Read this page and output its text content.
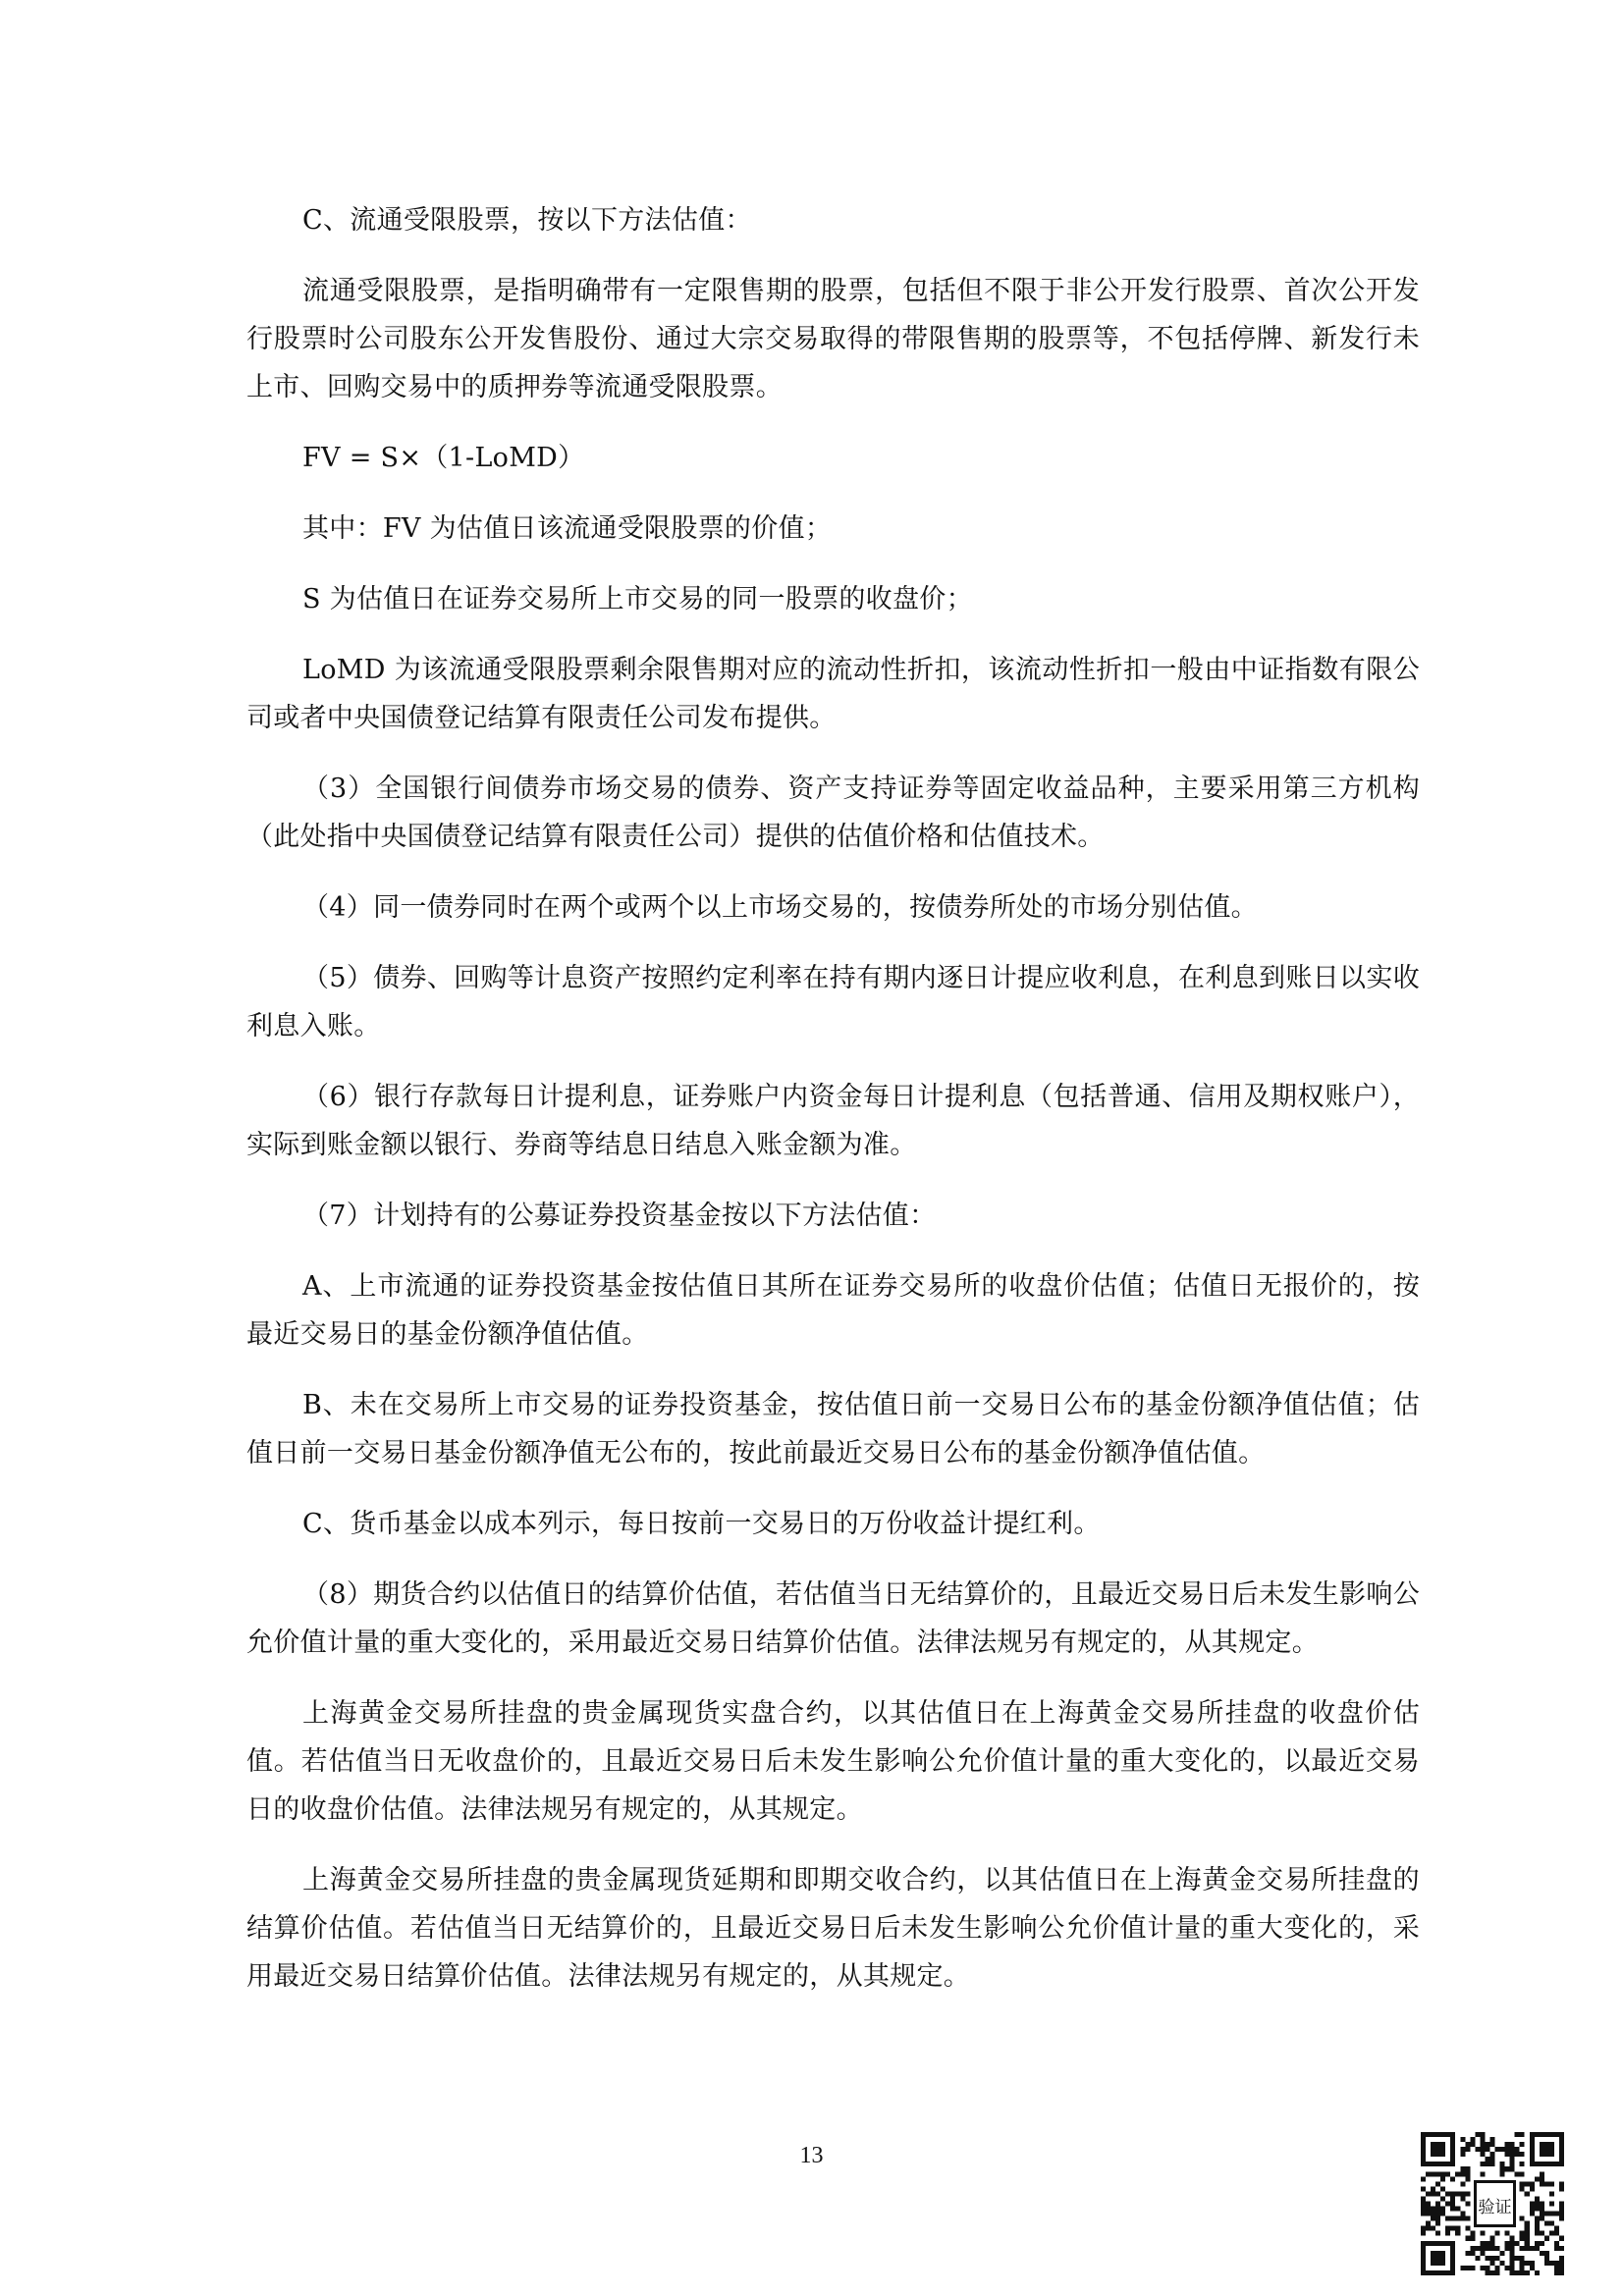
C、流通受限股票，按以下方法估值：

流通受限股票，是指明确带有一定限售期的股票，包括但不限于非公开发行股票、首次公开发行股票时公司股东公开发售股份、通过大宗交易取得的带限售期的股票等，不包括停牌、新发行未上市、回购交易中的质押券等流通受限股票。

FV = S×（1-LoMD）

其中：FV 为估值日该流通受限股票的价值；

S 为估值日在证券交易所上市交易的同一股票的收盘价；

LoMD 为该流通受限股票剩余限售期对应的流动性折扣，该流动性折扣一般由中证指数有限公司或者中央国债登记结算有限责任公司发布提供。

（3）全国银行间债券市场交易的债券、资产支持证券等固定收益品种，主要采用第三方机构（此处指中央国债登记结算有限责任公司）提供的估值价格和估值技术。

（4）同一债券同时在两个或两个以上市场交易的，按债券所处的市场分别估值。

（5）债券、回购等计息资产按照约定利率在持有期内逐日计提应收利息，在利息到账日以实收利息入账。

（6）银行存款每日计提利息，证券账户内资金每日计提利息（包括普通、信用及期权账户），实际到账金额以银行、券商等结息日结息入账金额为准。

（7）计划持有的公募证券投资基金按以下方法估值：

A、上市流通的证券投资基金按估值日其所在证券交易所的收盘价估值；估值日无报价的，按最近交易日的基金份额净值估值。

B、未在交易所上市交易的证券投资基金，按估值日前一交易日公布的基金份额净值估值；估值日前一交易日基金份额净值无公布的，按此前最近交易日公布的基金份额净值估值。

C、货币基金以成本列示，每日按前一交易日的万份收益计提红利。

（8）期货合约以估值日的结算价估值，若估值当日无结算价的，且最近交易日后未发生影响公允价值计量的重大变化的，采用最近交易日结算价估值。法律法规另有规定的，从其规定。

上海黄金交易所挂盘的贵金属现货实盘合约，以其估值日在上海黄金交易所挂盘的收盘价估值。若估值当日无收盘价的，且最近交易日后未发生影响公允价值计量的重大变化的，以最近交易日的收盘价估值。法律法规另有规定的，从其规定。

上海黄金交易所挂盘的贵金属现货延期和即期交收合约，以其估值日在上海黄金交易所挂盘的结算价估值。若估值当日无结算价的，且最近交易日后未发生影响公允价值计量的重大变化的，采用最近交易日结算价估值。法律法规另有规定的，从其规定。

13
验证
